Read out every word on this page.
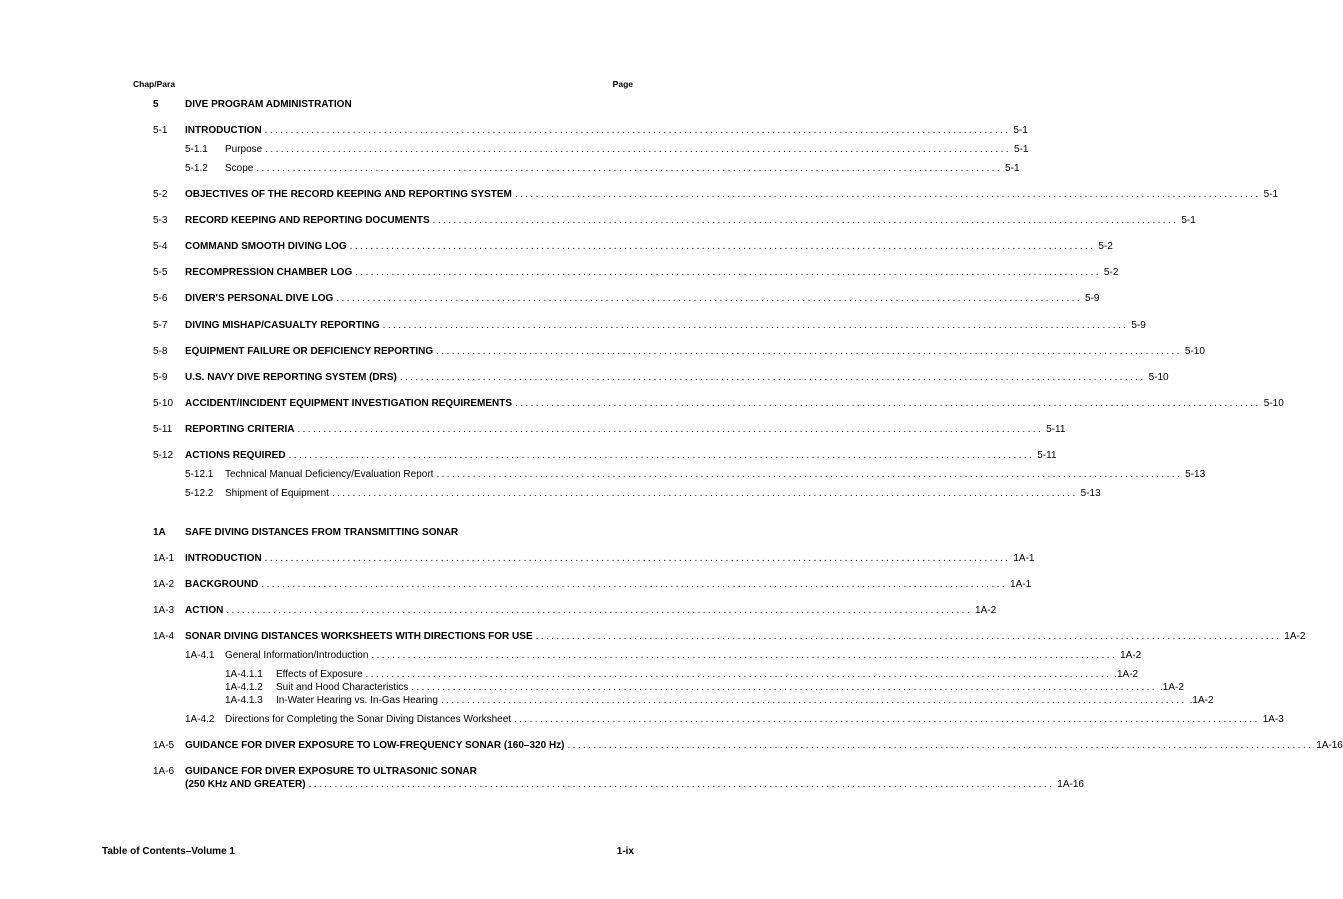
Chap/Para	Page
5	DIVE PROGRAM ADMINISTRATION
5-1 INTRODUCTION ................................................................................................................................................ 5-1
5-1.1 Purpose ................................................................................................................................................ 5-1
5-1.2 Scope ................................................................................................................................................ 5-1
5-2 OBJECTIVES OF THE RECORD KEEPING AND REPORTING SYSTEM ................................................................................................................................................ 5-1
5-3 RECORD KEEPING AND REPORTING DOCUMENTS ................................................................................................................................................ 5-1
5-4 COMMAND SMOOTH DIVING LOG ................................................................................................................................................ 5-2
5-5 RECOMPRESSION CHAMBER LOG ................................................................................................................................................ 5-2
5-6 DIVER'S PERSONAL DIVE LOG ................................................................................................................................................ 5-9
5-7 DIVING MISHAP/CASUALTY REPORTING ................................................................................................................................................ 5-9
5-8 EQUIPMENT FAILURE OR DEFICIENCY REPORTING ................................................................................................................................................ 5-10
5-9 U.S. NAVY DIVE REPORTING SYSTEM (DRS) ................................................................................................................................................ 5-10
5-10 ACCIDENT/INCIDENT EQUIPMENT INVESTIGATION REQUIREMENTS ................................................................................................................................................ 5-10
5-11 REPORTING CRITERIA ................................................................................................................................................ 5-11
5-12 ACTIONS REQUIRED ................................................................................................................................................ 5-11
5-12.1 Technical Manual Deficiency/Evaluation Report ................................................................................................................................................ 5-13
5-12.2 Shipment of Equipment ................................................................................................................................................ 5-13
1A SAFE DIVING DISTANCES FROM TRANSMITTING SONAR
1A-1 INTRODUCTION ................................................................................................................................................ 1A-1
1A-2 BACKGROUND ................................................................................................................................................ 1A-1
1A-3 ACTION ................................................................................................................................................ 1A-2
1A-4 SONAR DIVING DISTANCES WORKSHEETS WITH DIRECTIONS FOR USE ................................................................................................................................................ 1A-2
1A-4.1 General Information/Introduction ................................................................................................................................................ 1A-2
1A-4.1.1 Effects of Exposure ................................................................................................................................................ .1A-2
1A-4.1.2 Suit and Hood Characteristics ................................................................................................................................................ .1A-2
1A-4.1.3 In-Water Hearing vs. In-Gas Hearing ................................................................................................................................................ .1A-2
1A-4.2 Directions for Completing the Sonar Diving Distances Worksheet ................................................................................................................................................ 1A-3
1A-5 GUIDANCE FOR DIVER EXPOSURE TO LOW-FREQUENCY SONAR (160–320 Hz) ................................................................................................................................................ 1A-16
1A-6 GUIDANCE FOR DIVER EXPOSURE TO ULTRASONIC SONAR
(250 KHz AND GREATER) ................................................................................................................................................ 1A-16
Table of Contents–Volume 1	1-ix
